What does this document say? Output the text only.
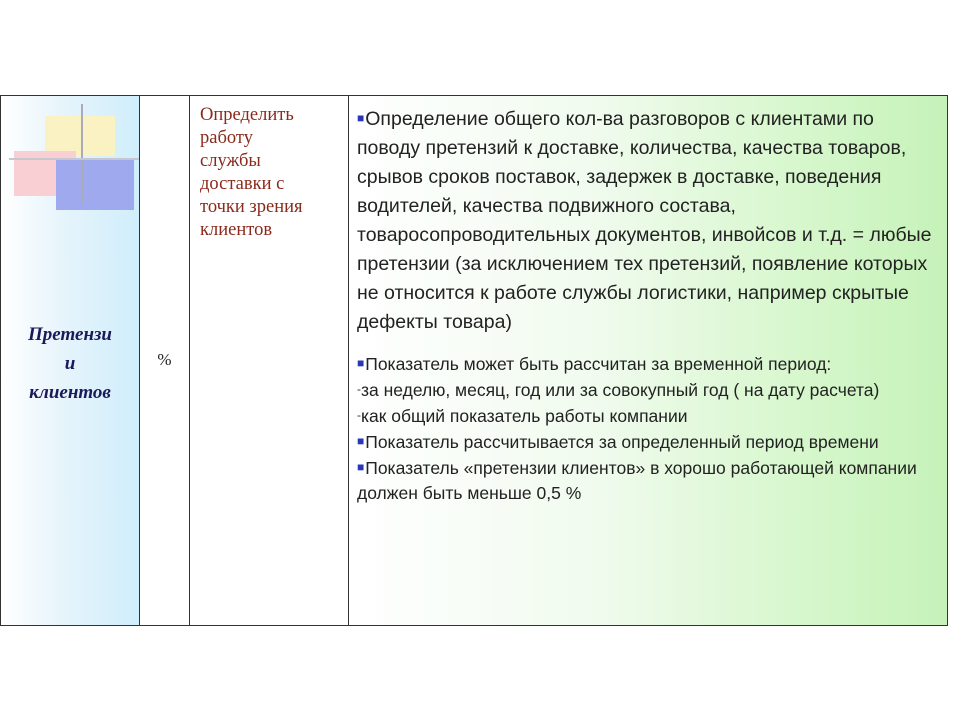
Претензи
и
клиентов
%
Определить
работу
службы
доставки с
точки зрения
клиентов

■Определение общего кол-ва разговоров с клиентами по поводу претензий к доставке, количества, качества товаров, срывов сроков поставок, задержек в доставке, поведения водителей, качества подвижного состава, товаросопроводительных документов, инвойсов и т.д. = любые претензии (за исключением тех претензий, появление которых не относится к работе службы логистики, например скрытые дефекты товара)

■Показатель может быть рассчитан за временной период:

-за неделю, месяц, год или за совокупный год ( на дату расчета)

-как общий показатель работы компании

■Показатель рассчитывается за определенный период времени

■Показатель «претензии клиентов» в хорошо работающей компании должен быть меньше 0,5 %
